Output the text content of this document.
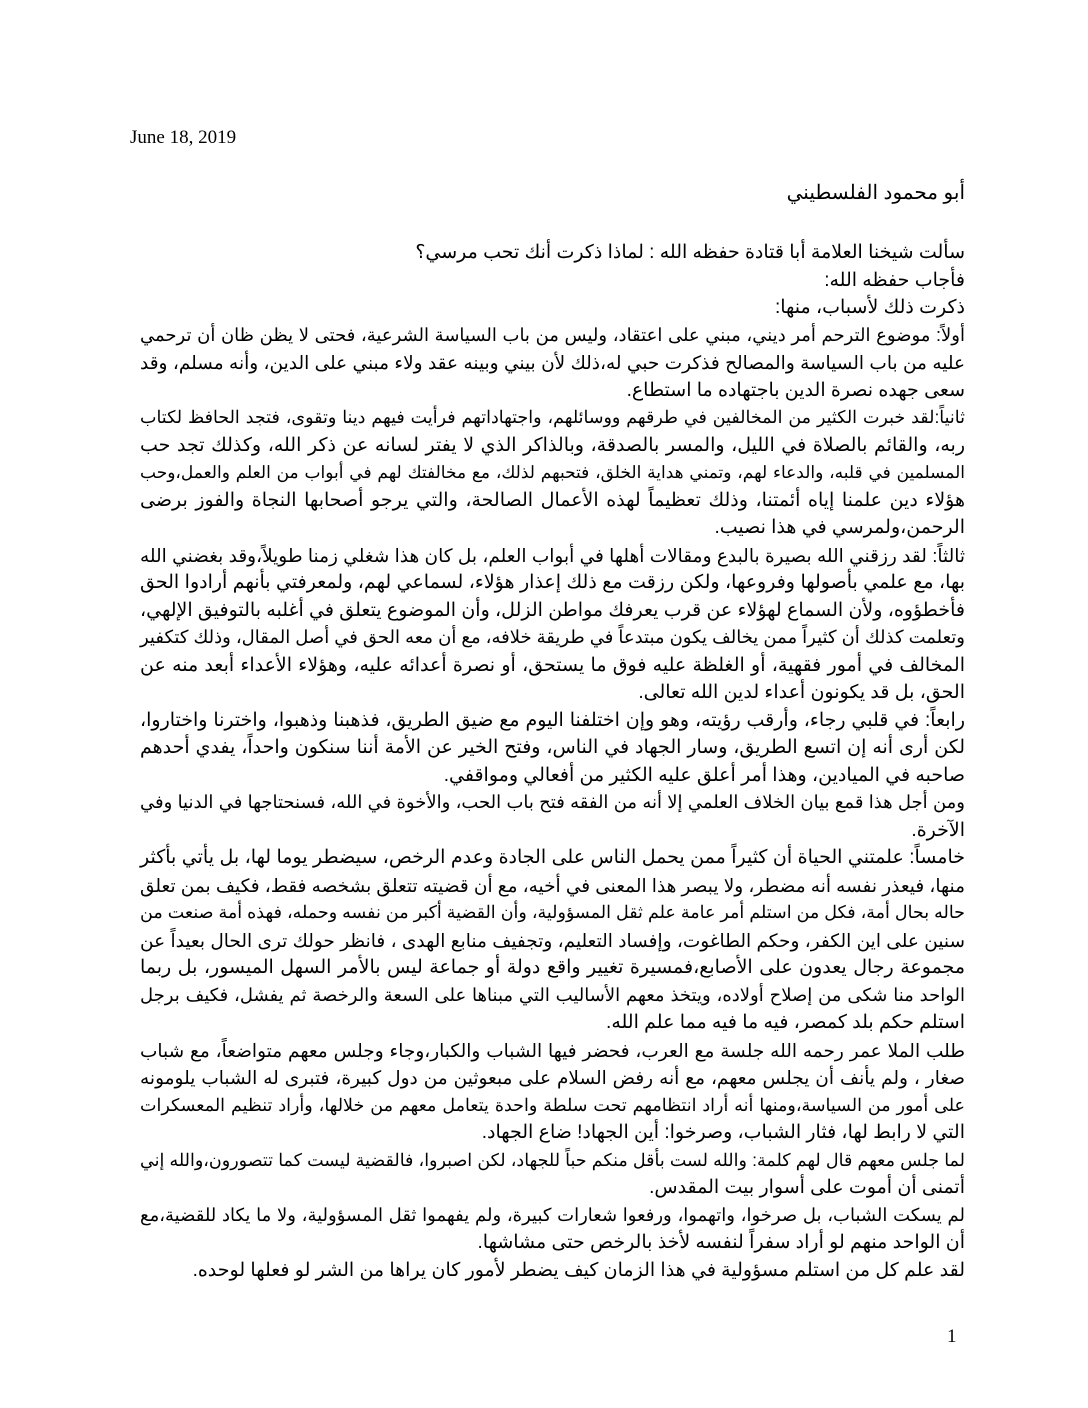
June 18, 2019
أبو محمود الفلسطيني
سألت شيخنا العلامة أبا قتادة حفظه الله : لماذا ذكرت أنك تحب مرسي؟
فأجاب حفظه الله:
ذكرت ذلك لأسباب، منها:
أولاً: موضوع الترحم أمر ديني، مبني على اعتقاد، وليس من باب السياسة الشرعية، فحتى لا يظن ظان أن ترحمي
عليه من باب السياسة والمصالح فذكرت حبي له،ذلك لأن بيني وبينه عقد ولاء مبني على الدين، وأنه مسلم، وقد
سعى جهده نصرة الدين باجتهاده ما استطاع.
ثانياً:لقد خبرت الكثير من المخالفين في طرقهم ووسائلهم، واجتهاداتهم فرأيت فيهم دينا وتقوى، فتجد الحافظ لكتاب
ربه، والقائم بالصلاة في الليل، والمسر بالصدقة، وبالذاكر الذي لا يفتر لسانه عن ذكر الله، وكذلك تجد حب
المسلمين في قلبه، والدعاء لهم، وتمني هداية الخلق، فتحبهم لذلك، مع مخالفتك لهم في أبواب من العلم والعمل،وحب
هؤلاء دين علمنا إياه أئمتنا، وذلك تعظيماً لهذه الأعمال الصالحة، والتي يرجو أصحابها النجاة والفوز برضى
الرحمن،ولمرسي في هذا نصيب.
ثالثاً: لقد رزقني الله بصيرة بالبدع ومقالات أهلها في أبواب العلم، بل كان هذا شغلي زمنا طويلاً،وقد بغضني الله
بها، مع علمي بأصولها وفروعها، ولكن رزقت مع ذلك إعذار هؤلاء، لسماعي لهم، ولمعرفتي بأنهم أرادوا الحق
فأخطؤوه، ولأن السماع لهؤلاء عن قرب يعرفك مواطن الزلل، وأن الموضوع يتعلق في أغلبه بالتوفيق الإلهي،
وتعلمت كذلك أن كثيراً ممن يخالف يكون مبتدعاً في طريقة خلافه، مع أن معه الحق في أصل المقال، وذلك كتكفير
المخالف في أمور فقهية، أو الغلظة عليه فوق ما يستحق، أو نصرة أعدائه عليه، وهؤلاء الأعداء أبعد منه عن
الحق، بل قد يكونون أعداء لدين الله تعالى.
رابعاً: في قلبي رجاء، وأرقب رؤيته، وهو وإن اختلفنا اليوم مع ضيق الطريق، فذهبنا وذهبوا، واخترنا واختاروا،
لكن أرى أنه إن اتسع الطريق، وسار الجهاد في الناس، وفتح الخير عن الأمة أننا سنكون واحداً، يفدي أحدهم
صاحبه في الميادين، وهذا أمر أعلق عليه الكثير من أفعالي ومواقفي.
ومن أجل هذا قمع بيان الخلاف العلمي إلا أنه من الفقه فتح باب الحب، والأخوة في الله، فسنحتاجها في الدنيا وفي
الآخرة.
خامساً: علمتني الحياة أن كثيراً ممن يحمل الناس على الجادة وعدم الرخص، سيضطر يوما لها، بل يأتي بأكثر
منها، فيعذر نفسه أنه مضطر، ولا يبصر هذا المعنى في أخيه، مع أن قضيته تتعلق بشخصه فقط، فكيف بمن تعلق
حاله بحال أمة، فكل من استلم أمر عامة علم ثقل المسؤولية، وأن القضية أكبر من نفسه وحمله، فهذه أمة صنعت من
سنين على اين الكفر، وحكم الطاغوت، وإفساد التعليم، وتجفيف منابع الهدى ، فانظر حولك ترى الحال بعيداً عن
مجموعة رجال يعدون على الأصابع،فمسيرة تغيير واقع دولة أو جماعة ليس بالأمر السهل الميسور، بل ربما
الواحد منا شكى من إصلاح أولاده، ويتخذ معهم الأساليب التي مبناها على السعة والرخصة ثم يفشل، فكيف برجل
استلم حكم بلد كمصر، فيه ما فيه مما علم الله.
طلب الملا عمر رحمه الله جلسة مع العرب، فحضر فيها الشباب والكبار،وجاء وجلس معهم متواضعاً، مع شباب
صغار ، ولم يأنف أن يجلس معهم، مع أنه رفض السلام على مبعوثين من دول كبيرة، فتبرى له الشباب يلومونه
على أمور من السياسة،ومنها أنه أراد انتظامهم تحت سلطة واحدة يتعامل معهم من خلالها، وأراد تنظيم المعسكرات
التي لا رابط لها، فثار الشباب، وصرخوا: أين الجهاد! ضاع الجهاد.
لما جلس معهم قال لهم كلمة: والله لست بأقل منكم حباً للجهاد، لكن اصبروا، فالقضية ليست كما تتصورون،والله إني
أتمنى أن أموت على أسوار بيت المقدس.
لم يسكت الشباب، بل صرخوا، واتهموا، ورفعوا شعارات كبيرة، ولم يفهموا ثقل المسؤولية، ولا ما يكاد للقضية،مع
أن الواحد منهم لو أراد سفراً لنفسه لأخذ بالرخص حتى مشاشها.
لقد علم كل من استلم مسؤولية في هذا الزمان كيف يضطر لأمور كان يراها من الشر لو فعلها لوحده.
1
